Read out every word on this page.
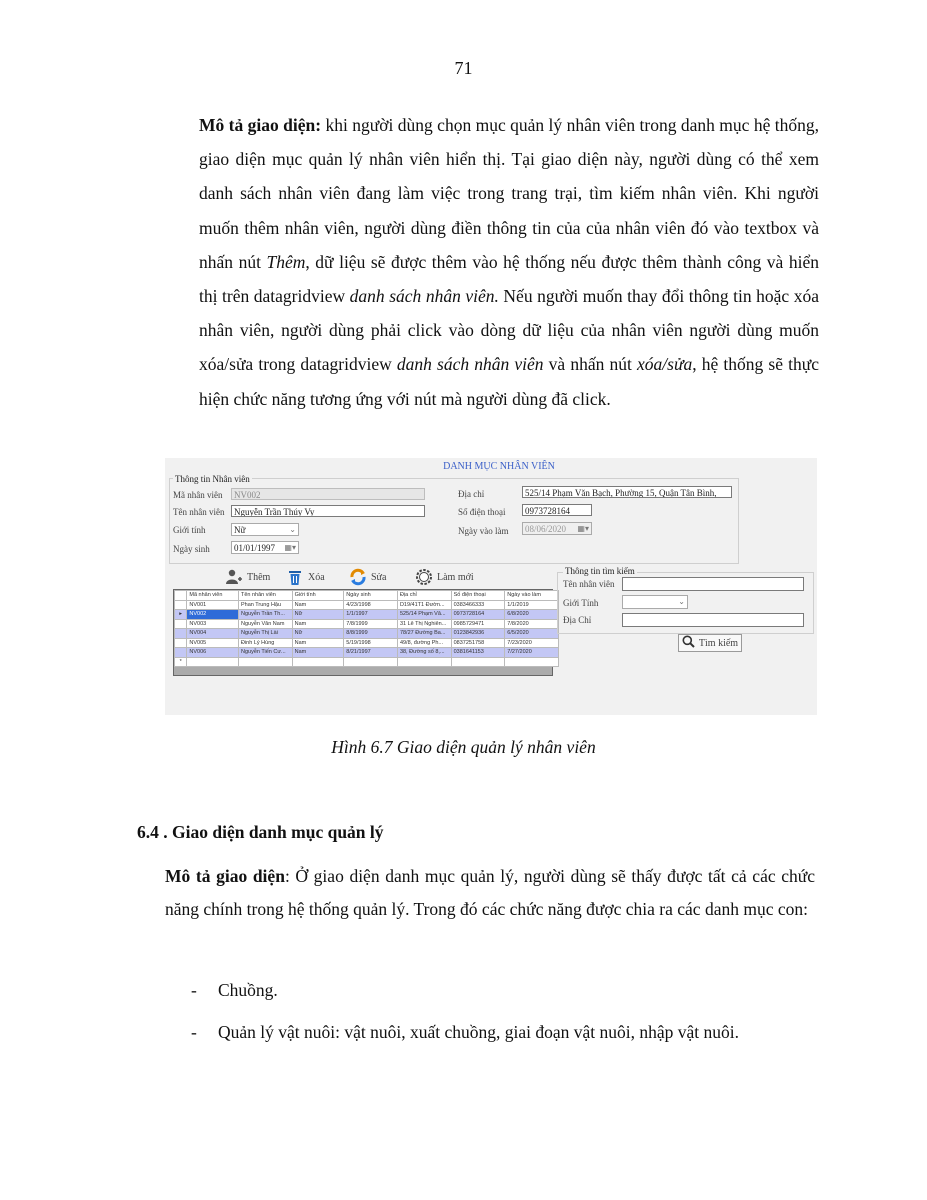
71

Mô tả giao diện: khi người dùng chọn mục quản lý nhân viên trong danh mục hệ thống, giao diện mục quản lý nhân viên hiển thị. Tại giao diện này, người dùng có thể xem danh sách nhân viên đang làm việc trong trang trại, tìm kiếm nhân viên. Khi người muốn thêm nhân viên, người dùng điền thông tin của của nhân viên đó vào textbox và nhấn nút Thêm, dữ liệu sẽ được thêm vào hệ thống nếu được thêm thành công và hiển thị trên datagridview danh sách nhân viên. Nếu người muốn thay đổi thông tin hoặc xóa nhân viên, người dùng phải click vào dòng dữ liệu của nhân viên người dùng muốn xóa/sửa trong datagridview danh sách nhân viên và nhấn nút xóa/sửa, hệ thống sẽ thực hiện chức năng tương ứng với nút mà người dùng đã click.

DANH MỤC NHÂN VIÊN
Thông tin Nhân viên
Mã nhân viên	NV002
Tên nhân viên	Nguyễn Trần Thúy Vy
Giới tính	Nữ	⌄
Ngày sinh	01/01/1997 ▦▾
Địa chỉ	525/14 Phạm Văn Bạch, Phường 15, Quận Tân Bình,
Số điện thoại	0973728164
Ngày vào làm	08/06/2020 ▦▾
Thêm	Xóa	Sửa	Làm mới
	Mã nhân viên	Tên nhân viên	Giới tính	Ngày sinh	Địa chỉ	Số điện thoại	Ngày vào làm
	NV001	Phan Trung Hậu	Nam	4/23/1998	D19/41T1 Đườn...	0383466333	1/1/2019
▸	NV002	Nguyễn Trần Th...	Nữ	1/1/1997	525/14 Phạm Vă...	0973728164	6/8/2020
	NV003	Nguyễn Văn Nam	Nam	7/8/1999	31 Lê Thị Nghiên...	0985729471	7/8/2020
	NV004	Nguyễn Thị Lài	Nữ	8/8/1999	78/27 Đường Ba...	0123842936	6/5/2020
	NV005	Đinh Lý Hùng	Nam	5/19/1998	49/8, đường Ph...	0837251758	7/23/2020
	NV006	Nguyễn Tiến Cư...	Nam	8/21/1997	38, Đường số 8,...	0381641153	7/27/2020
*							
Thông tin tìm kiếm
Tên nhân viên
Giới Tính	⌄
Địa Chỉ
Tìm kiếm
Hình 6.7 Giao diện quản lý nhân viên
6.4 . Giao diện danh mục quản lý

Mô tả giao diện: Ở giao diện danh mục quản lý, người dùng sẽ thấy được tất cả các chức năng chính trong hệ thống quản lý. Trong đó các chức năng được chia ra các danh mục con:

- Chuồng.
- Quản lý vật nuôi: vật nuôi, xuất chuồng, giai đoạn vật nuôi, nhập vật nuôi.
